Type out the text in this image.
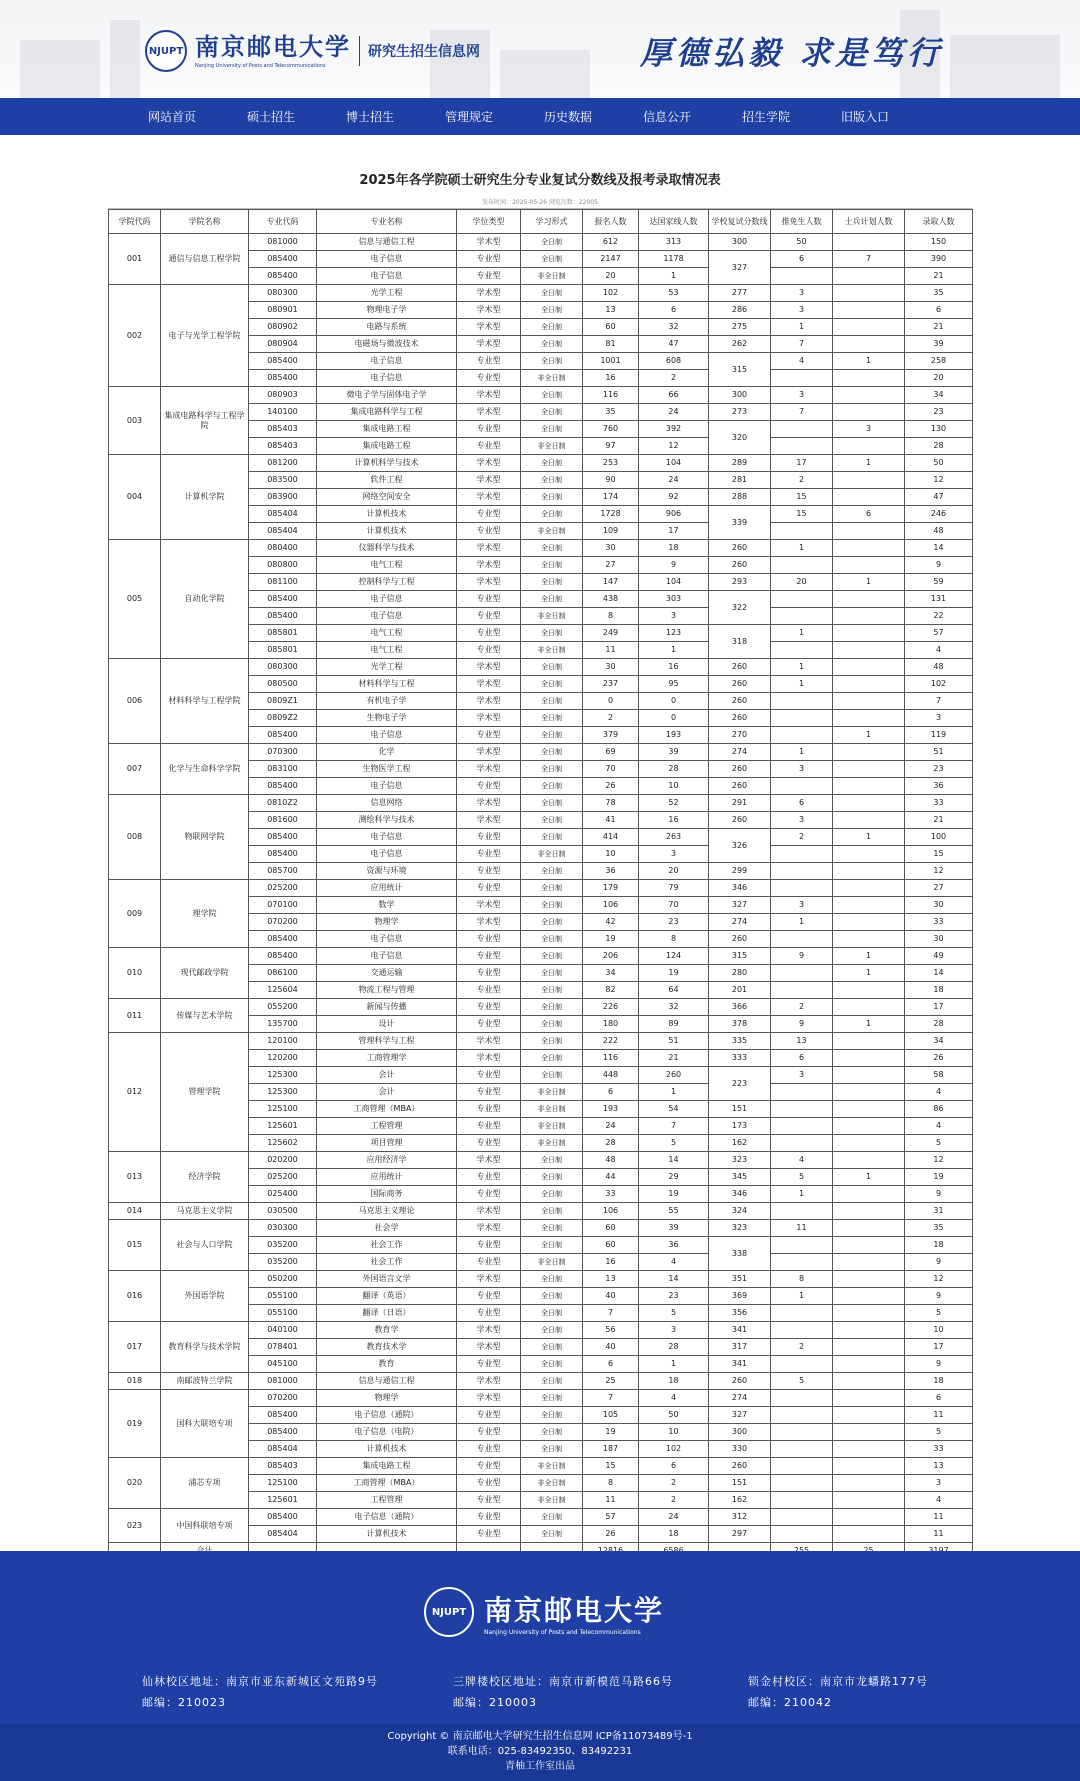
NJUPT 南京邮电大学
Nanjing University of Posts and Telecommunications
研究生招生信息网	厚德弘毅 求是笃行
网站首页	硕士招生	博士招生	管理规定	历史数据	信息公开	招生学院	旧版入口
2025年各学院硕士研究生分专业复试分数线及报考录取情况表
发布时间：2025-05-26 浏览次数：22005
学院代码	学院名称	专业代码	专业名称	学位类型	学习形式	报名人数	达国家线人数	学校复试分数线	推免生人数	士兵计划人数	录取人数
001	通信与信息工程学院	081000	信息与通信工程	学术型	全日制	612	313	300	50		150
		085400	电子信息	专业型	全日制	2147	1178	327	6	7	390
		085400	电子信息	专业型	非全日制	20	1				21
002	电子与光学工程学院	080300	光学工程	学术型	全日制	102	53	277	3		35
		080901	物理电子学	学术型	全日制	13	6	286	3		6
		080902	电路与系统	学术型	全日制	60	32	275	1		21
		080904	电磁场与微波技术	学术型	全日制	81	47	262	7		39
		085400	电子信息	专业型	全日制	1001	608	315	4	1	258
		085400	电子信息	专业型	非全日制	16	2				20
003	集成电路科学与工程学院	080903	微电子学与固体电子学	学术型	全日制	116	66	300	3		34
		140100	集成电路科学与工程	学术型	全日制	35	24	273	7		23
		085403	集成电路工程	专业型	全日制	760	392	320		3	130
		085403	集成电路工程	专业型	非全日制	97	12				28
004	计算机学院	081200	计算机科学与技术	学术型	全日制	253	104	289	17	1	50
		083500	软件工程	学术型	全日制	90	24	281	2		12
		083900	网络空间安全	学术型	全日制	174	92	288	15		47
		085404	计算机技术	专业型	全日制	1728	906	339	15	6	246
		085404	计算机技术	专业型	非全日制	109	17				48
005	自动化学院	080400	仪器科学与技术	学术型	全日制	30	18	260	1		14
		080800	电气工程	学术型	全日制	27	9	260			9
		081100	控制科学与工程	学术型	全日制	147	104	293	20	1	59
		085400	电子信息	专业型	全日制	438	303	322			131
		085400	电子信息	专业型	非全日制	8	3				22
		085801	电气工程	专业型	全日制	249	123	318	1		57
		085801	电气工程	专业型	非全日制	11	1				4
006	材料科学与工程学院	080300	光学工程	学术型	全日制	30	16	260	1		48
		080500	材料科学与工程	学术型	全日制	237	95	260	1		102
		0809Z1	有机电子学	学术型	全日制	0	0	260			7
		0809Z2	生物电子学	学术型	全日制	2	0	260			3
		085400	电子信息	专业型	全日制	379	193	270		1	119
007	化学与生命科学学院	070300	化学	学术型	全日制	69	39	274	1		51
		083100	生物医学工程	学术型	全日制	70	28	260	3		23
		085400	电子信息	专业型	全日制	26	10	260			36
008	物联网学院	0810Z2	信息网络	学术型	全日制	78	52	291	6		33
		081600	测绘科学与技术	学术型	全日制	41	16	260	3		21
		085400	电子信息	专业型	全日制	414	263	326	2	1	100
		085400	电子信息	专业型	非全日制	10	3				15
		085700	资源与环境	专业型	全日制	36	20	299			12
009	理学院	025200	应用统计	专业型	全日制	179	79	346			27
		070100	数学	学术型	全日制	106	70	327	3		30
		070200	物理学	学术型	全日制	42	23	274	1		33
		085400	电子信息	专业型	全日制	19	8	260			30
010	现代邮政学院	085400	电子信息	专业型	全日制	206	124	315	9	1	49
		086100	交通运输	专业型	全日制	34	19	280		1	14
		125604	物流工程与管理	专业型	全日制	82	64	201			18
011	传媒与艺术学院	055200	新闻与传播	专业型	全日制	226	32	366	2		17
		135700	设计	专业型	全日制	180	89	378	9	1	28
012	管理学院	120100	管理科学与工程	学术型	全日制	222	51	335	13		34
		120200	工商管理学	学术型	全日制	116	21	333	6		26
		125300	会计	专业型	全日制	448	260	223	3		58
		125300	会计	专业型	非全日制	6	1				4
		125100	工商管理（MBA）	专业型	非全日制	193	54	151			86
		125601	工程管理	专业型	非全日制	24	7	173			4
		125602	项目管理	专业型	非全日制	28	5	162			5
013	经济学院	020200	应用经济学	学术型	全日制	48	14	323	4		12
		025200	应用统计	专业型	全日制	44	29	345	5	1	19
		025400	国际商务	专业型	全日制	33	19	346	1		9
014	马克思主义学院	030500	马克思主义理论	学术型	全日制	106	55	324			31
015	社会与人口学院	030300	社会学	学术型	全日制	60	39	323	11		35
		035200	社会工作	专业型	全日制	60	36	338			18
		035200	社会工作	专业型	非全日制	16	4				9
016	外国语学院	050200	外国语言文学	学术型	全日制	13	14	351	8		12
		055100	翻译（英语）	专业型	全日制	40	23	369	1		9
		055100	翻译（日语）	专业型	全日制	7	5	356			5
017	教育科学与技术学院	040100	教育学	学术型	全日制	56	3	341			10
		078401	教育技术学	学术型	全日制	40	28	317	2		17
		045100	教育	专业型	全日制	6	1	341			9
018	南邮波特兰学院	081000	信息与通信工程	学术型	全日制	25	18	260	5		18
019	国科大联培专项	070200	物理学	学术型	全日制	7	4	274			6
		085400	电子信息（通院）	专业型	全日制	105	50	327			11
		085400	电子信息（电院）	专业型	全日制	19	10	300			5
		085404	计算机技术	专业型	全日制	187	102	330			33
020	浦芯专项	085403	集成电路工程	专业型	非全日制	15	6	260			13
		125100	工商管理（MBA）	专业型	非全日制	8	2	151			3
		125601	工程管理	专业型	非全日制	11	2	162			4
023	中国科联培专项	085400	电子信息（通院）	专业型	全日制	57	24	312			11
		085404	计算机技术	专业型	全日制	26	18	297			11

NJUPT 南京邮电大学
Nanjing University of Posts and Telecommunications
仙林校区地址：南京市亚东新城区文苑路9号
邮编：210023
三牌楼校区地址：南京市新模范马路66号
邮编：210003
锁金村校区：南京市龙蟠路177号
邮编：210042
Copyright © 南京邮电大学研究生招生信息网 ICP备11073489号-1
联系电话：025-83492350、83492231
青柚工作室出品
